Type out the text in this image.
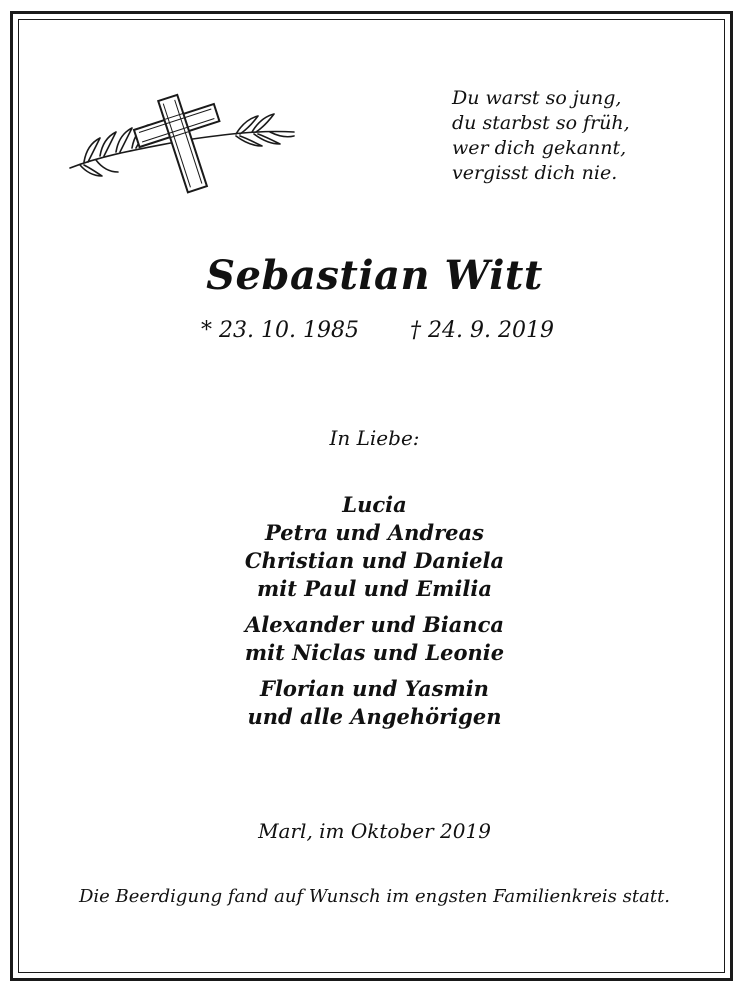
Du warst so jung,
du starbst so früh,
wer dich gekannt,
vergisst dich nie.
Sebastian Witt
* 23. 10. 1985 † 24. 9. 2019
In Liebe:
Lucia
Petra und Andreas
Christian und Daniela
mit Paul und Emilia
Alexander und Bianca
mit Niclas und Leonie
Florian und Yasmin
und alle Angehörigen
Marl, im Oktober 2019
Die Beerdigung fand auf Wunsch im engsten Familienkreis statt.
